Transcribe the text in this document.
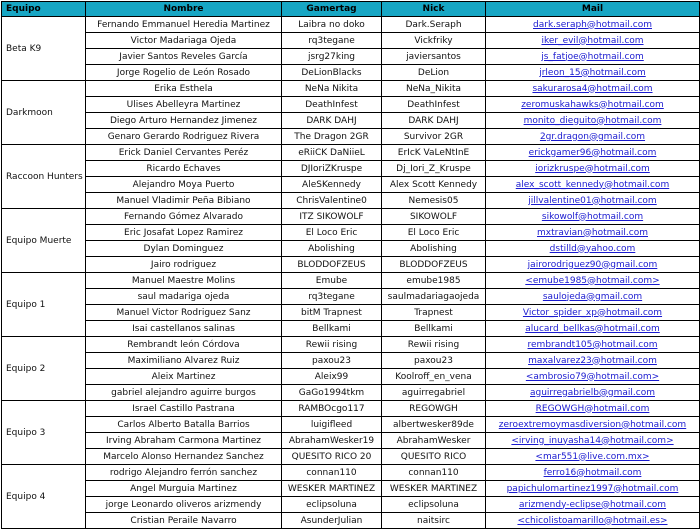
Equipo	Nombre	Gamertag	Nick	Mail
Beta K9	Fernando Emmanuel Heredia Martinez	Laibra no doko	Dark.Seraph	dark.seraph@hotmail.com
	Victor Madariaga Ojeda	rq3tegane	Vickfriky	iker_evil@hotmail.com
	Javier Santos Reveles García	jsrg27king	javiersantos	js_fatjoe@hotmail.com
	Jorge Rogelio de León Rosado	DeLionBlacks	DeLion	jrleon_15@hotmail.com
Darkmoon	Erika Esthela	NeNa Nikita	NeNa_Nikita	sakurarosa4@hotmail.com
	Ulises Abelleyra Martinez	DeathInfest	DeathInfest	zeromuskahawks@hotmail.com
	Diego Arturo Hernandez Jimenez	DARK DAHJ	DARK DAHJ	monito_dieguito@hotmail.com
	Genaro Gerardo Rodriguez Rivera	The Dragon 2GR	Survivor 2GR	2gr.dragon@gmail.com
Raccoon Hunters	Erick Daniel Cervantes Peréz	eRiiCK DaNiieL	ErIcK VaLeNtInE	erickgamer96@hotmail.com
	Ricardo Echaves	DJIoriZKruspe	Dj_Iori_Z_Kruspe	iorizkruspe@hotmail.com
	Alejandro Moya Puerto	AleSKennedy	Alex Scott Kennedy	alex_scott_kennedy@hotmail.com
	Manuel Vladimir Peña Bibiano	ChrisValentine0	Nemesis05	jillvalentine01@hotmail.com
Equipo Muerte	Fernando Gómez Alvarado	ITZ SIKOWOLF	SIKOWOLF	sikowolf@hotmail.com
	Eric Josafat Lopez Ramirez	El Loco Eric	El Loco Eric	mxtravian@hotmail.com
	Dylan Dominguez	Abolishing	Abolishing	dstilld@yahoo.com
	Jairo rodriguez	BLODDOFZEUS	BLODDOFZEUS	jairorodriguez90@gmail.com
Equipo 1	Manuel Maestre Molins	Emube	emube1985	<emube1985@hotmail.com>
	saul madariga ojeda	rq3tegane	saulmadariagaojeda	saulojeda@gmail.com
	Manuel Victor Rodriguez Sanz	bitM Trapnest	Trapnest	Victor_spider_xp@hotmail.com
	Isai castellanos salinas	Bellkami	Bellkami	alucard_bellkas@hotmail.com
Equipo 2	Rembrandt león Córdova	Rewii rising	Rewii rising	rembrandt105@hotmail.com
	Maximiliano Alvarez Ruiz	paxou23	paxou23	maxalvarez23@hotmail.com
	Aleix Martinez	Aleix99	Koolroff_en_vena	<ambrosio79@hotmail.com>
	gabriel alejandro aguirre burgos	GaGo1994tkm	aguirregabriel	aguirregabrielb@gmail.com
Equipo 3	Israel Castillo Pastrana	RAMBOcgo117	REGOWGH	REGOWGH@hotmail.com
	Carlos Alberto Batalla Barrios	luigifleed	albertwesker89de	zeroextremoymasdiversion@hotmail.com
	Irving Abraham Carmona Martinez	AbrahamWesker19	AbrahamWesker	<irving_inuyasha14@hotmail.com>
	Marcelo Alonso Hernandez Sanchez	QUESITO RICO 20	QUESITO RICO	<mar551@live.com.mx>
Equipo 4	rodrigo Alejandro ferrón sanchez	connan110	connan110	ferro16@hotmail.com
	Angel Murguia Martinez	WESKER MARTINEZ	WESKER MARTINEZ	papichulomartinez1997@hotmail.com
	jorge Leonardo oliveros arizmendy	eclipsoluna	eclipsoluna	arizmendy-eclipse@hotmail.com
	Cristian Peraile Navarro	AsunderJulian	naitsirc	<chicolistoamarillo@hotmail.es>
